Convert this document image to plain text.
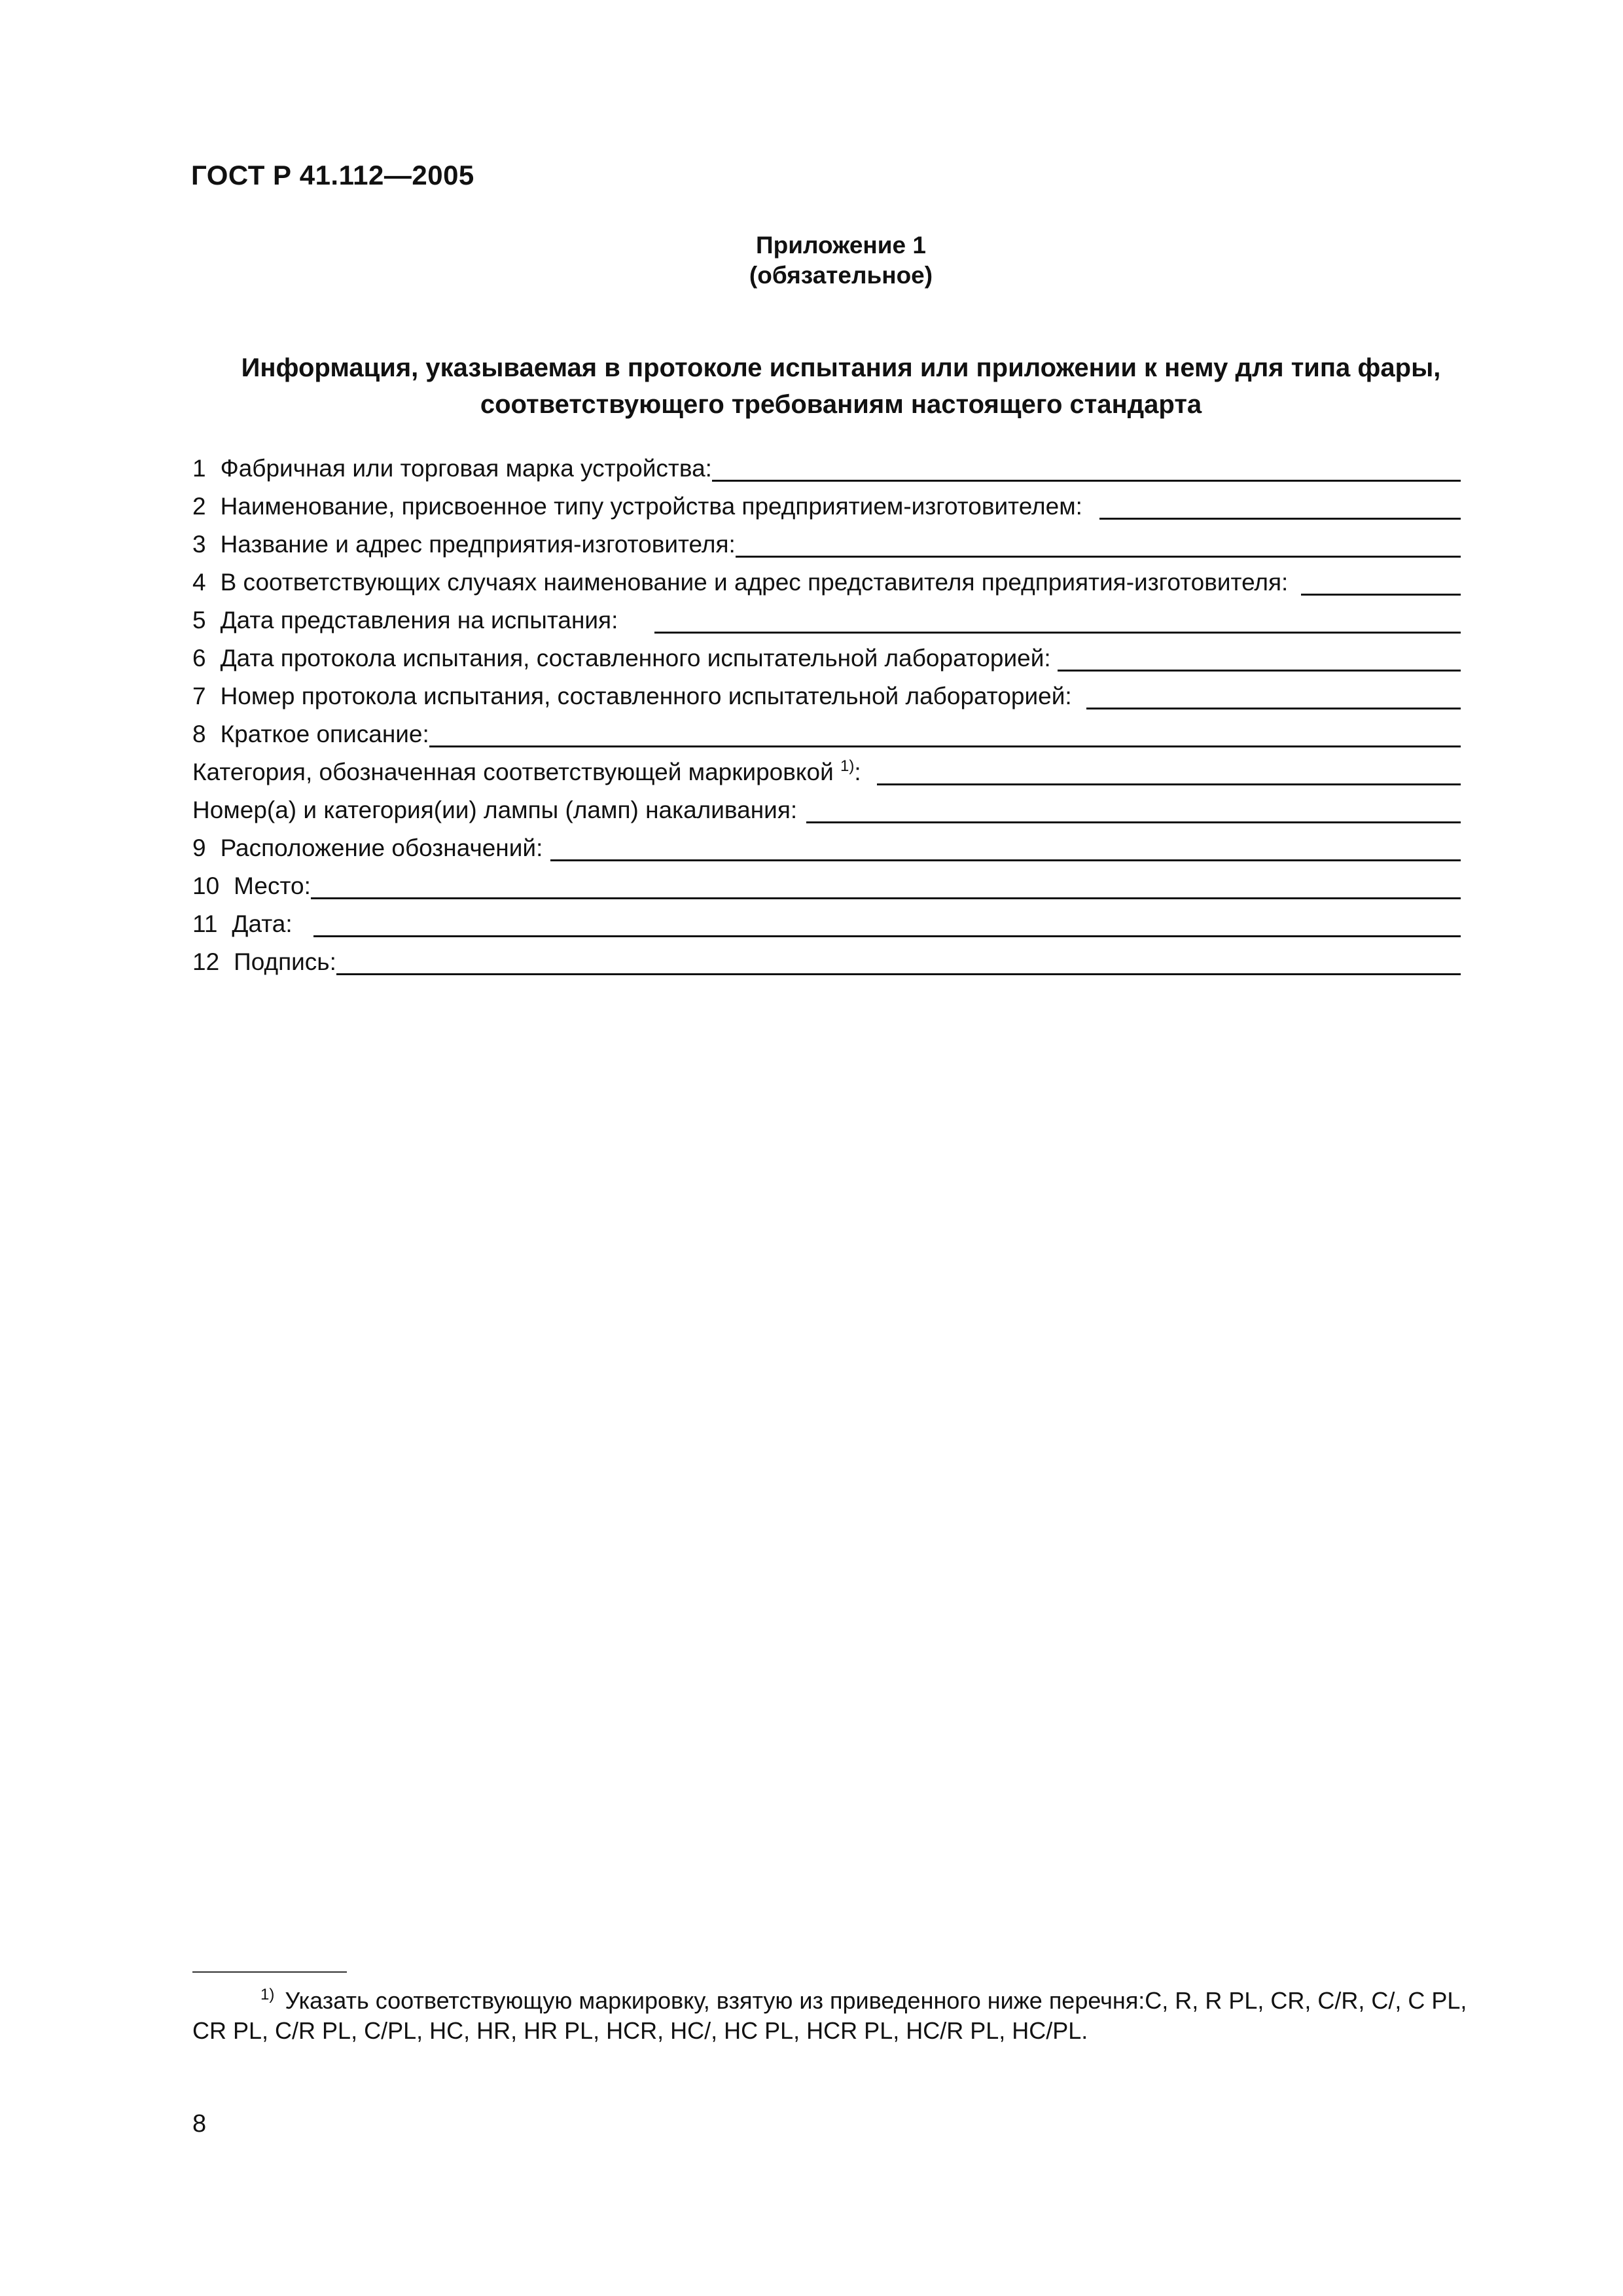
ГОСТ Р 41.112—2005
Приложение 1
(обязательное)
Информация, указываемая в протоколе испытания или приложении к нему для типа фары,
соответствующего требованиям настоящего стандарта
1 Фабричная или торговая марка устройства:
2 Наименование, присвоенное типу устройства предприятием-изготовителем:
3 Название и адрес предприятия-изготовителя:
4 В соответствующих случаях наименование и адрес представителя предприятия-изготовителя:
5 Дата представления на испытания:
6 Дата протокола испытания, составленного испытательной лабораторией:
7 Номер протокола испытания, составленного испытательной лабораторией:
8 Краткое описание:
Категория, обозначенная соответствующей маркировкой $^{1)}$:
Номер(а) и категория(ии) лампы (ламп) накаливания:
9 Расположение обозначений:
10 Место:
11 Дата:
12 Подпись:
1) Указать соответствующую маркировку, взятую из приведенного ниже перечня:C, R, R PL, CR, C/R, C/, C PL, CR PL, C/R PL, C/PL, HC, HR, HR PL, HCR, HC/, HC PL, HCR PL, HC/R PL, HC/PL.
8
